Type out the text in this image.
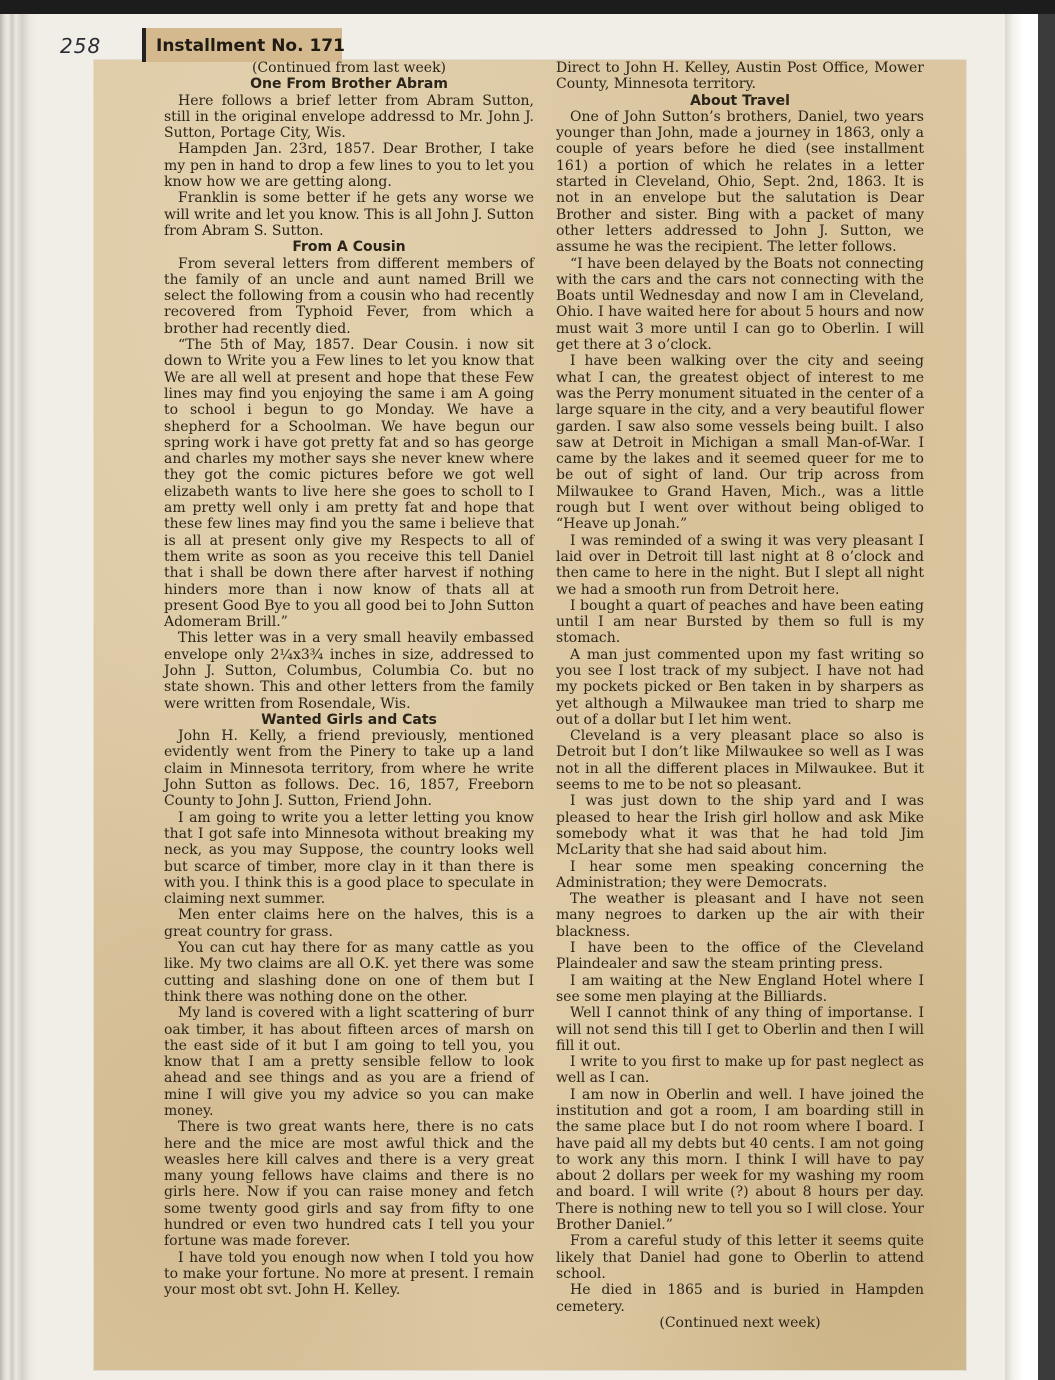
258	Installment No. 171

(Continued from last week)

One From Brother Abram

Here follows a brief letter from Abram Sutton, still in the original envelope addressd to Mr. John J. Sutton, Portage City, Wis.

Hampden Jan. 23rd, 1857. Dear Brother, I take my pen in hand to drop a few lines to you to let you know how we are getting along.

Franklin is some better if he gets any worse we will write and let you know. This is all John J. Sutton from Abram S. Sutton.

From A Cousin

From several letters from different members of the family of an uncle and aunt named Brill we select the following from a cousin who had recently recovered from Typhoid Fever, from which a brother had recently died.

“The 5th of May, 1857. Dear Cousin. i now sit down to Write you a Few lines to let you know that We are all well at present and hope that these Few lines may find you enjoying the same i am A going to school i begun to go Monday. We have a shepherd for a Schoolman. We have begun our spring work i have got pretty fat and so has george and charles my mother says she never knew where they got the comic pictures before we got well elizabeth wants to live here she goes to scholl to I am pretty well only i am pretty fat and hope that these few lines may find you the same i believe that is all at present only give my Respects to all of them write as soon as you receive this tell Daniel that i shall be down there after harvest if nothing hinders more than i now know of thats all at present Good Bye to you all good bei to John Sutton Adomeram Brill.”

This letter was in a very small heavily embassed envelope only 2¼x3¾ inches in size, addressed to John J. Sutton, Columbus, Columbia Co. but no state shown. This and other letters from the family were written from Rosendale, Wis.

Wanted Girls and Cats

John H. Kelly, a friend previously, mentioned evidently went from the Pinery to take up a land claim in Minnesota territory, from where he write John Sutton as follows. Dec. 16, 1857, Freeborn County to John J. Sutton, Friend John.

I am going to write you a letter letting you know that I got safe into Minnesota without breaking my neck, as you may Suppose, the country looks well but scarce of timber, more clay in it than there is with you. I think this is a good place to speculate in claiming next summer.

Men enter claims here on the halves, this is a great country for grass.

You can cut hay there for as many cattle as you like. My two claims are all O.K. yet there was some cutting and slashing done on one of them but I think there was nothing done on the other.

My land is covered with a light scattering of burr oak timber, it has about fifteen arces of marsh on the east side of it but I am going to tell you, you know that I am a pretty sensible fellow to look ahead and see things and as you are a friend of mine I will give you my advice so you can make money.

There is two great wants here, there is no cats here and the mice are most awful thick and the weasles here kill calves and there is a very great many young fellows have claims and there is no girls here. Now if you can raise money and fetch some twenty good girls and say from fifty to one hundred or even two hundred cats I tell you your fortune was made forever.

I have told you enough now when I told you how to make your fortune. No more at present. I remain your most obt svt. John H. Kelley.

Direct to John H. Kelley, Austin Post Office, Mower County, Minnesota territory.

About Travel

One of John Sutton’s brothers, Daniel, two years younger than John, made a journey in 1863, only a couple of years before he died (see installment 161) a portion of which he relates in a letter started in Cleveland, Ohio, Sept. 2nd, 1863. It is not in an envelope but the salutation is Dear Brother and sister. Bing with a packet of many other letters addressed to John J. Sutton, we assume he was the recipient. The letter follows.

“I have been delayed by the Boats not connecting with the cars and the cars not connecting with the Boats until Wednesday and now I am in Cleveland, Ohio. I have waited here for about 5 hours and now must wait 3 more until I can go to Oberlin. I will get there at 3 o’clock.

I have been walking over the city and seeing what I can, the greatest object of interest to me was the Perry monument situated in the center of a large square in the city, and a very beautiful flower garden. I saw also some vessels being built. I also saw at Detroit in Michigan a small Man-of-War. I came by the lakes and it seemed queer for me to be out of sight of land. Our trip across from Milwaukee to Grand Haven, Mich., was a little rough but I went over without being obliged to “Heave up Jonah.”

I was reminded of a swing it was very pleasant I laid over in Detroit till last night at 8 o’clock and then came to here in the night. But I slept all night we had a smooth run from Detroit here.

I bought a quart of peaches and have been eating until I am near Bursted by them so full is my stomach.

A man just commented upon my fast writing so you see I lost track of my subject. I have not had my pockets picked or Ben taken in by sharpers as yet although a Milwaukee man tried to sharp me out of a dollar but I let him went.

Cleveland is a very pleasant place so also is Detroit but I don’t like Milwaukee so well as I was not in all the different places in Milwaukee. But it seems to me to be not so pleasant.

I was just down to the ship yard and I was pleased to hear the Irish girl hollow and ask Mike somebody what it was that he had told Jim McLarity that she had said about him.

I hear some men speaking concerning the Administration; they were Democrats.

The weather is pleasant and I have not seen many negroes to darken up the air with their blackness.

I have been to the office of the Cleveland Plaindealer and saw the steam printing press.

I am waiting at the New England Hotel where I see some men playing at the Billiards.

Well I cannot think of any thing of importanse. I will not send this till I get to Oberlin and then I will fill it out.

I write to you first to make up for past neglect as well as I can.

I am now in Oberlin and well. I have joined the institution and got a room, I am boarding still in the same place but I do not room where I board. I have paid all my debts but 40 cents. I am not going to work any this morn. I think I will have to pay about 2 dollars per week for my washing my room and board. I will write (?) about 8 hours per day. There is nothing new to tell you so I will close. Your Brother Daniel.”

From a careful study of this letter it seems quite likely that Daniel had gone to Oberlin to attend school.

He died in 1865 and is buried in Hampden cemetery.

(Continued next week)
